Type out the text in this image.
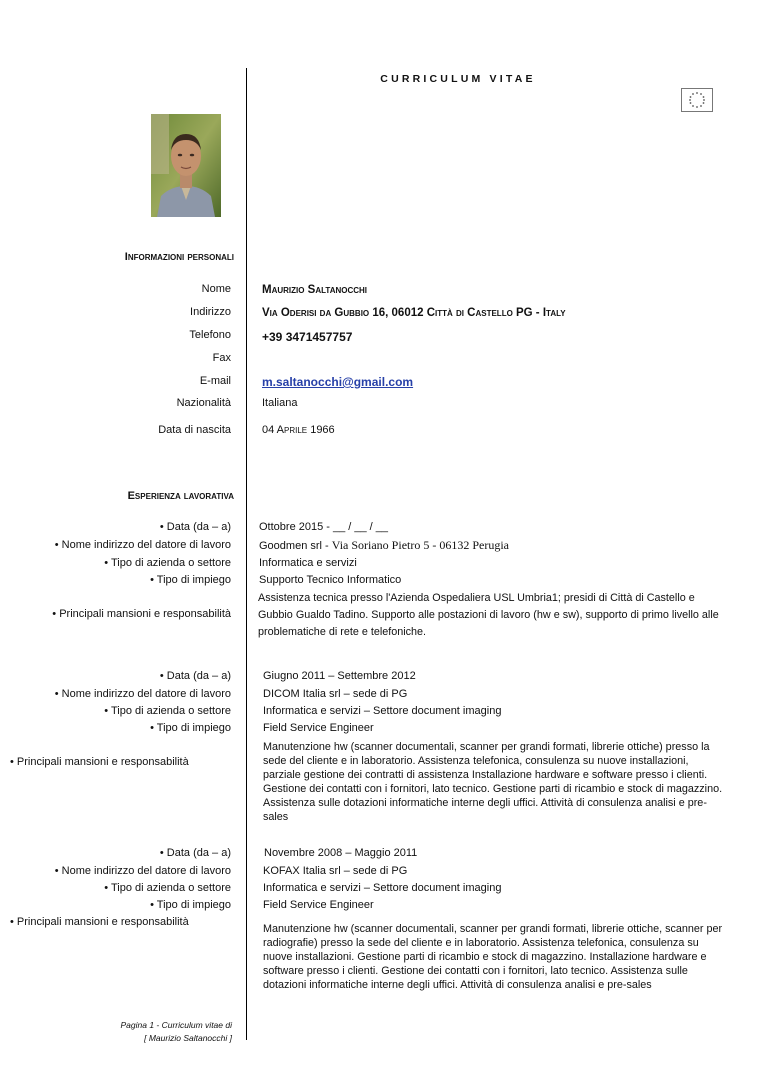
CURRICULUM VITAE
Informazioni personali
Nome	Maurizio Saltanocchi
Indirizzo	Via Oderisi da Gubbio 16, 06012 Città di Castello PG - Italy
Telefono	+39 3471457757
Fax
E-mail	m.saltanocchi@gmail.com
Nazionalità	Italiana
Data di nascita	04 Aprile 1966
Esperienza lavorativa
• Data (da – a)	Ottobre 2015 - __ / __ / __
• Nome indirizzo del datore di lavoro	Goodmen srl - Via Soriano Pietro 5 - 06132 Perugia
• Tipo di azienda o settore	Informatica e servizi
• Tipo di impiego	Supporto Tecnico Informatico
• Principali mansioni e responsabilità
Assistenza tecnica presso l'Azienda Ospedaliera USL Umbria1; presidi di Città di Castello e
Gubbio Gualdo Tadino. Supporto alle postazioni di lavoro (hw e sw), supporto di primo livello alle
problematiche di rete e telefoniche.
• Data (da – a)	Giugno 2011 – Settembre 2012
• Nome indirizzo del datore di lavoro	DICOM Italia srl – sede di PG
• Tipo di azienda o settore	Informatica e servizi – Settore document imaging
• Tipo di impiego	Field Service Engineer
• Principali mansioni e responsabilità
Manutenzione hw (scanner documentali, scanner per grandi formati, librerie ottiche) presso la
sede del cliente e in laboratorio. Assistenza telefonica, consulenza su nuove installazioni,
parziale gestione dei contratti di assistenza Installazione hardware e software presso i clienti.
Gestione dei contatti con i fornitori, lato tecnico. Gestione parti di ricambio e stock di magazzino.
Assistenza sulle dotazioni informatiche interne degli uffici. Attività di consulenza analisi e pre-
sales
• Data (da – a)	Novembre 2008 – Maggio 2011
• Nome indirizzo del datore di lavoro	KOFAX Italia srl – sede di PG
• Tipo di azienda o settore	Informatica e servizi – Settore document imaging
• Tipo di impiego	Field Service Engineer
• Principali mansioni e responsabilità
Manutenzione hw (scanner documentali, scanner per grandi formati, librerie ottiche, scanner per
radiografie) presso la sede del cliente e in laboratorio. Assistenza telefonica, consulenza su
nuove installazioni. Gestione parti di ricambio e stock di magazzino. Installazione hardware e
software presso i clienti. Gestione dei contatti con i fornitori, lato tecnico. Assistenza sulle
dotazioni informatiche interne degli uffici. Attività di consulenza analisi e pre-sales
Pagina 1 - Curriculum vitae di
[ Maurizio Saltanocchi ]
